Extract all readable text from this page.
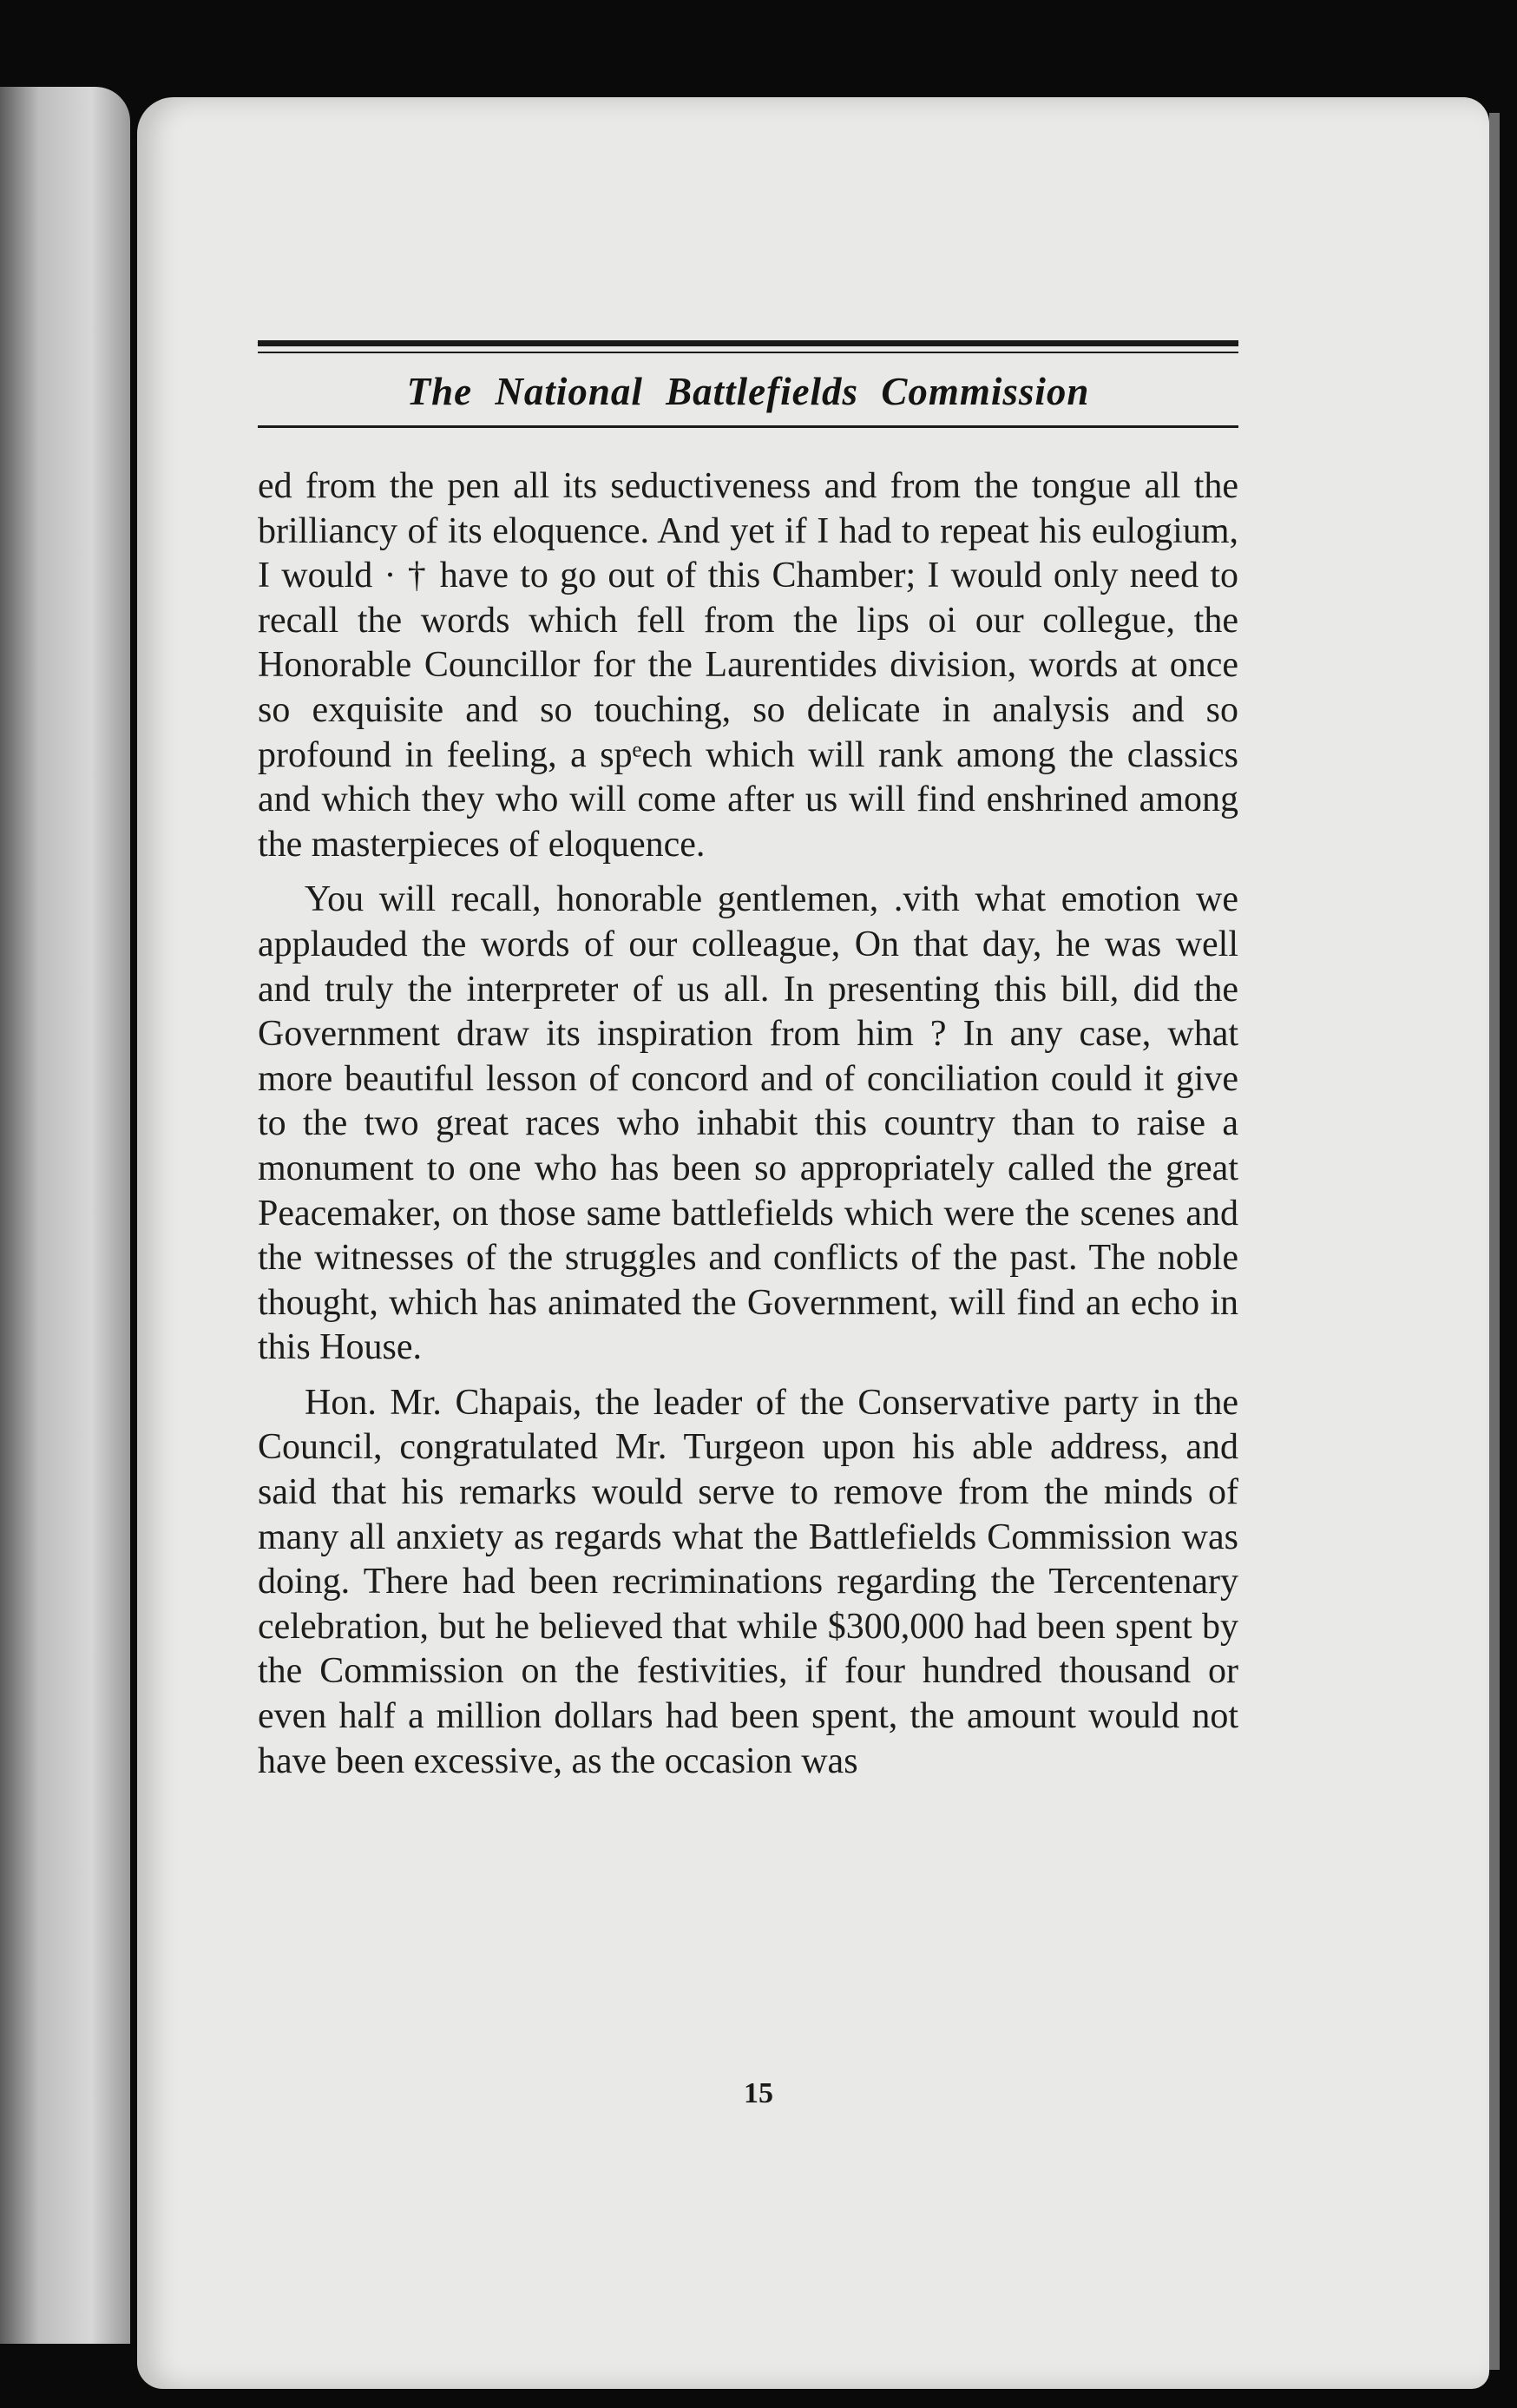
The National Battlefields Commission

ed from the pen all its seductiveness and from the tongue all the brilliancy of its eloquence. And yet if I had to repeat his eulogium, I would · † have to go out of this Chamber; I would only need to recall the words which fell from the lips oi our collegue, the Honorable Councillor for the Laurentides division, words at once so exquisite and so touching, so delicate in analysis and so profound in feeling, a spᵉech which will rank among the classics and which they who will come after us will find enshrined among the masterpieces of eloquence.

You will recall, honorable gentlemen, .vith what emotion we applauded the words of our colleague, On that day, he was well and truly the interpreter of us all. In presenting this bill, did the Government draw its inspiration from him ? In any case, what more beautiful lesson of concord and of conciliation could it give to the two great races who inhabit this country than to raise a monument to one who has been so appropriately called the great Peacemaker, on those same battlefields which were the scenes and the witnesses of the struggles and conflicts of the past. The noble thought, which has animated the Government, will find an echo in this House.

Hon. Mr. Chapais, the leader of the Conservative party in the Council, congratulated Mr. Turgeon upon his able address, and said that his remarks would serve to remove from the minds of many all anxiety as regards what the Battlefields Commission was doing. There had been recriminations regarding the Tercentenary celebration, but he believed that while $300,000 had been spent by the Commission on the festivities, if four hundred thousand or even half a million dollars had been spent, the amount would not have been excessive, as the occasion was

15
